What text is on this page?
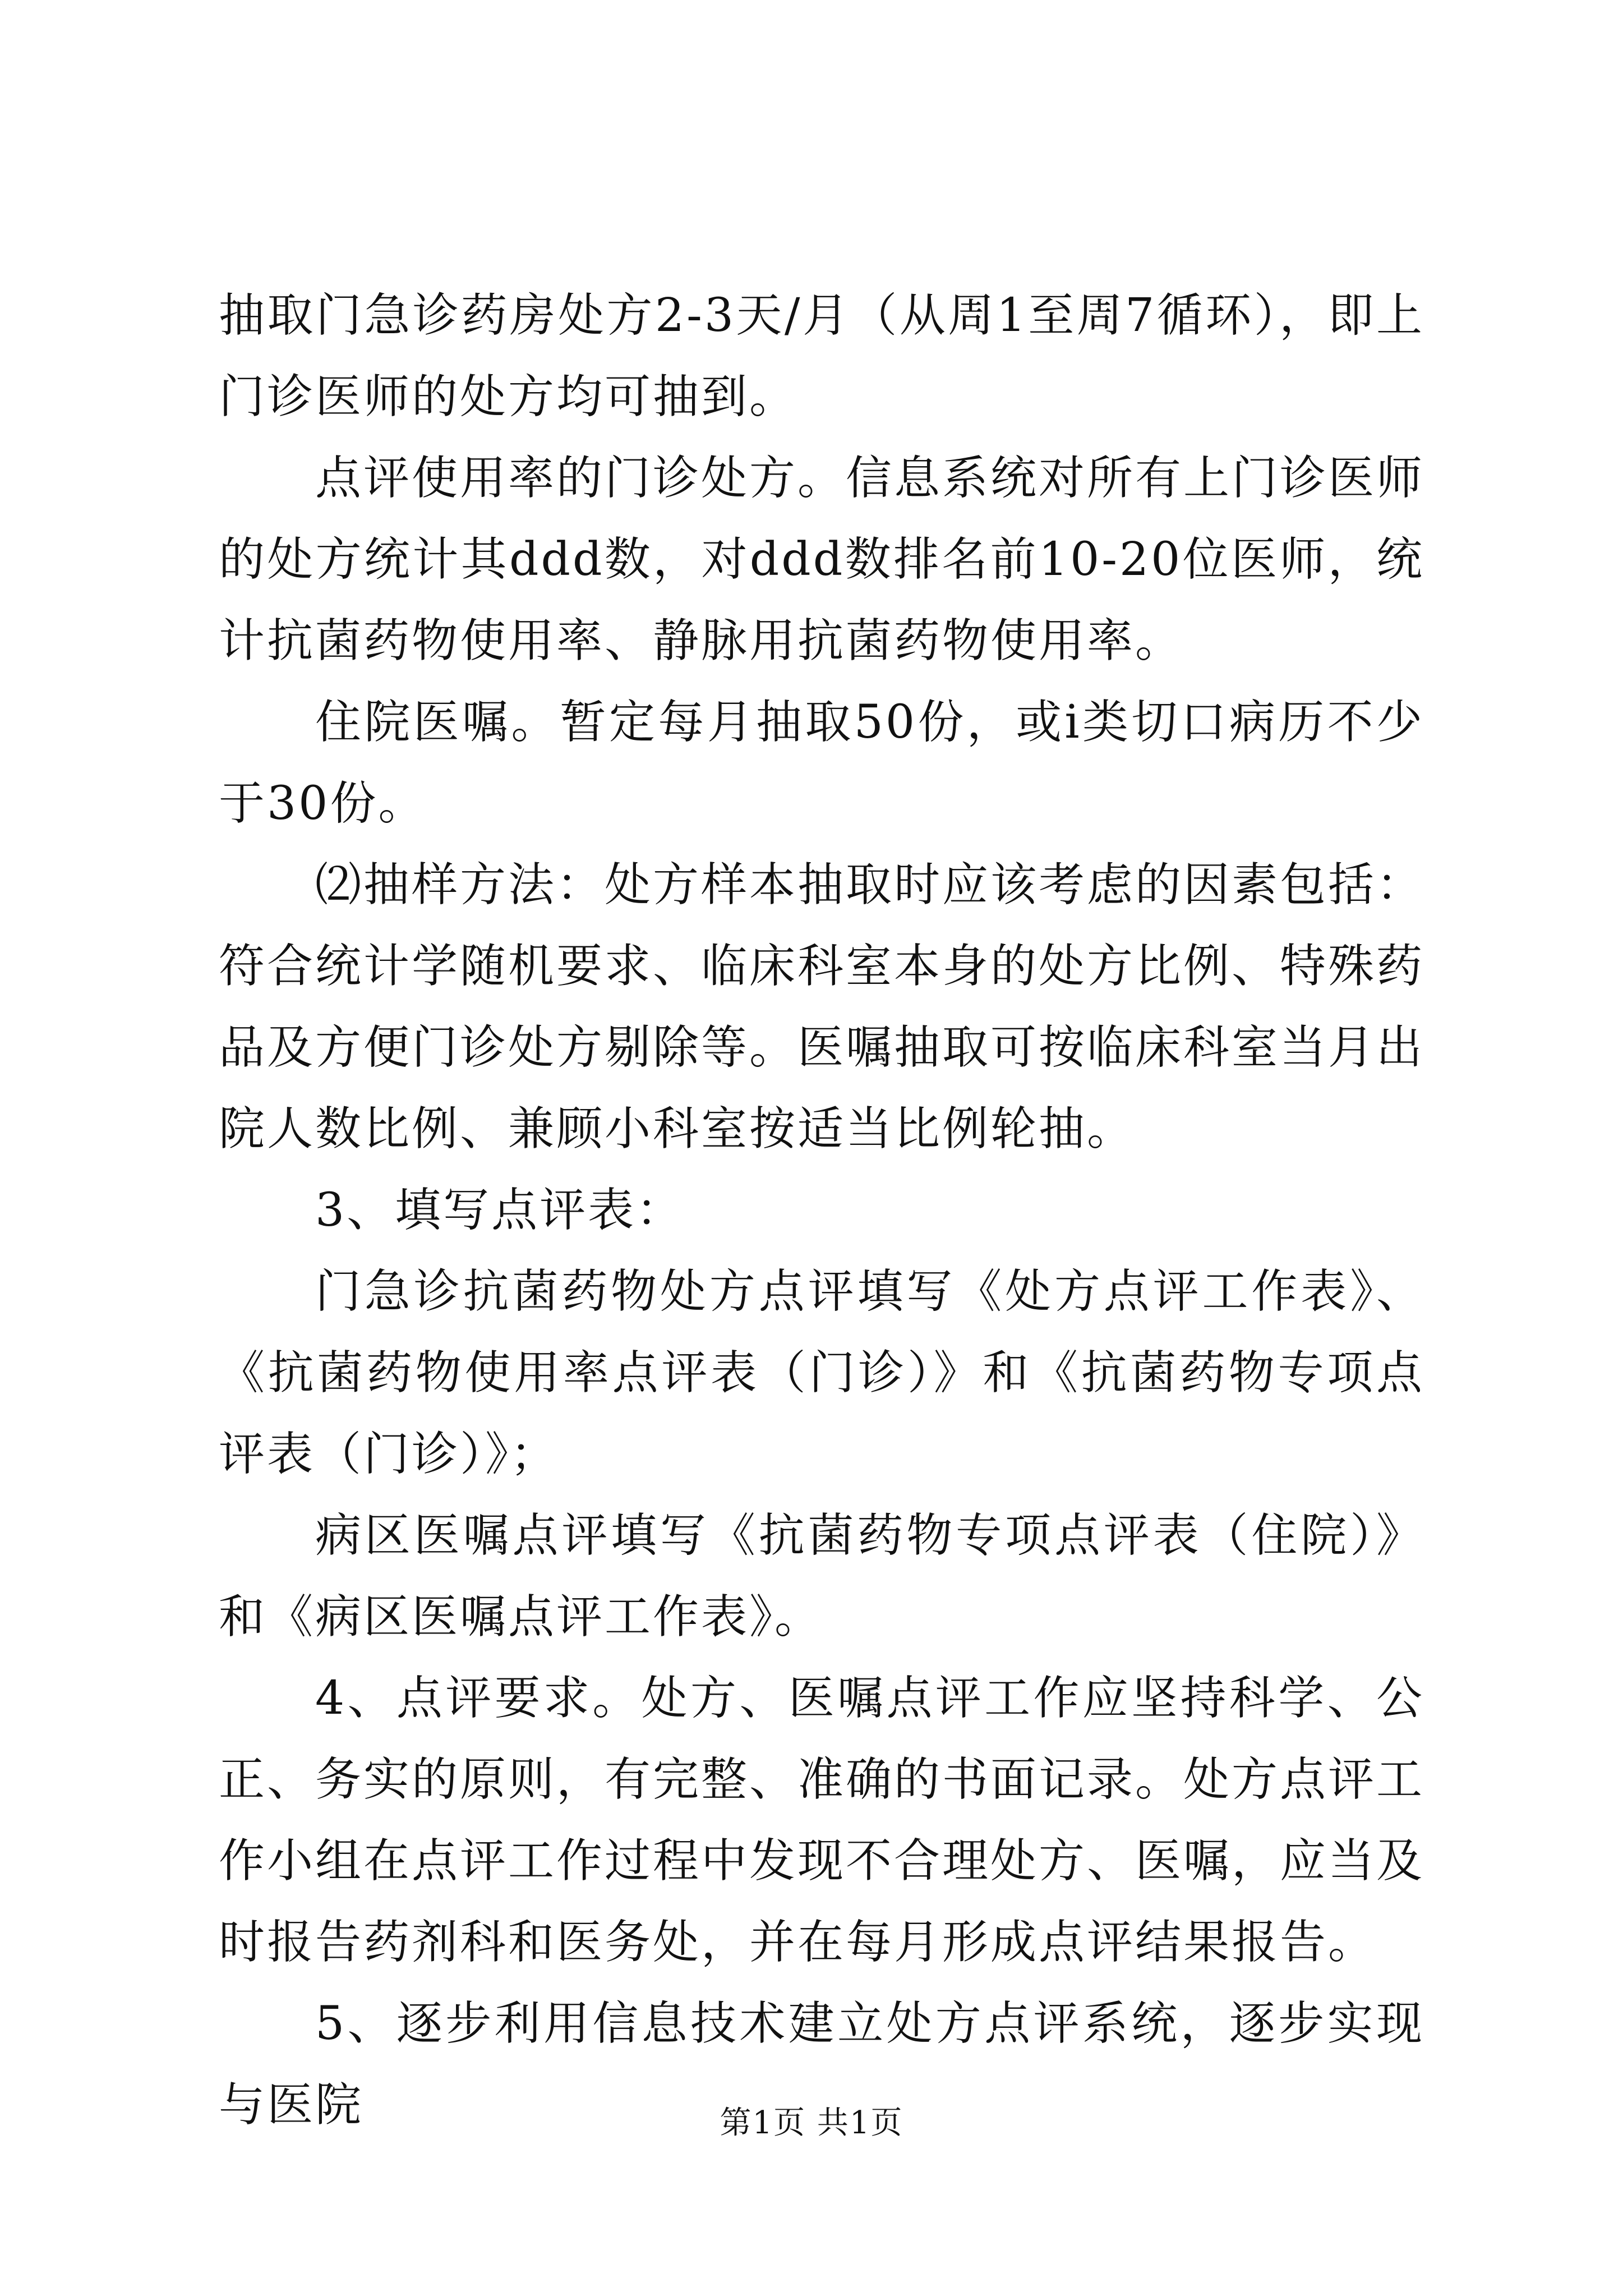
抽取门急诊药房处方2-3天/月（从周1至周7循环），即上门诊医师的处方均可抽到。

点评使用率的门诊处方。信息系统对所有上门诊医师的处方统计其ddd数，对ddd数排名前10-20位医师，统计抗菌药物使用率、静脉用抗菌药物使用率。

住院医嘱。暂定每月抽取50份，或i类切口病历不少于30份。

⑵抽样方法：处方样本抽取时应该考虑的因素包括：符合统计学随机要求、临床科室本身的处方比例、特殊药品及方便门诊处方剔除等。医嘱抽取可按临床科室当月出院人数比例、兼顾小科室按适当比例轮抽。

3、填写点评表：

门急诊抗菌药物处方点评填写《处方点评工作表》、《抗菌药物使用率点评表（门诊）》和《抗菌药物专项点评表（门诊）》；

病区医嘱点评填写《抗菌药物专项点评表（住院）》和《病区医嘱点评工作表》。

4、点评要求。处方、医嘱点评工作应坚持科学、公正、务实的原则，有完整、准确的书面记录。处方点评工作小组在点评工作过程中发现不合理处方、医嘱，应当及时报告药剂科和医务处，并在每月形成点评结果报告。

5、逐步利用信息技术建立处方点评系统，逐步实现与医院	第1页 共1页
